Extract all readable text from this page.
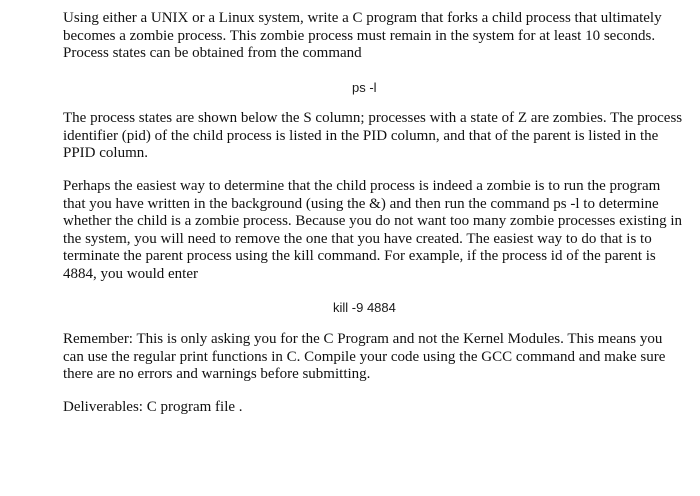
Using either a UNIX or a Linux system, write a C program that forks a child process that ultimately becomes a zombie process. This zombie process must remain in the system for at least 10 seconds. Process states can be obtained from the command

ps -l

The process states are shown below the S column; processes with a state of Z are zombies. The process identifier (pid) of the child process is listed in the PID column, and that of the parent is listed in the PPID column.

Perhaps the easiest way to determine that the child process is indeed a zombie is to run the program that you have written in the background (using the &) and then run the command ps -l to determine whether the child is a zombie process. Because you do not want too many zombie processes existing in the system, you will need to remove the one that you have created. The easiest way to do that is to terminate the parent process using the kill command. For example, if the process id of the parent is 4884, you would enter

kill -9 4884

Remember: This is only asking you for the C Program and not the Kernel Modules. This means you can use the regular print functions in C. Compile your code using the GCC command and make sure there are no errors and warnings before submitting.

Deliverables: C program file .
